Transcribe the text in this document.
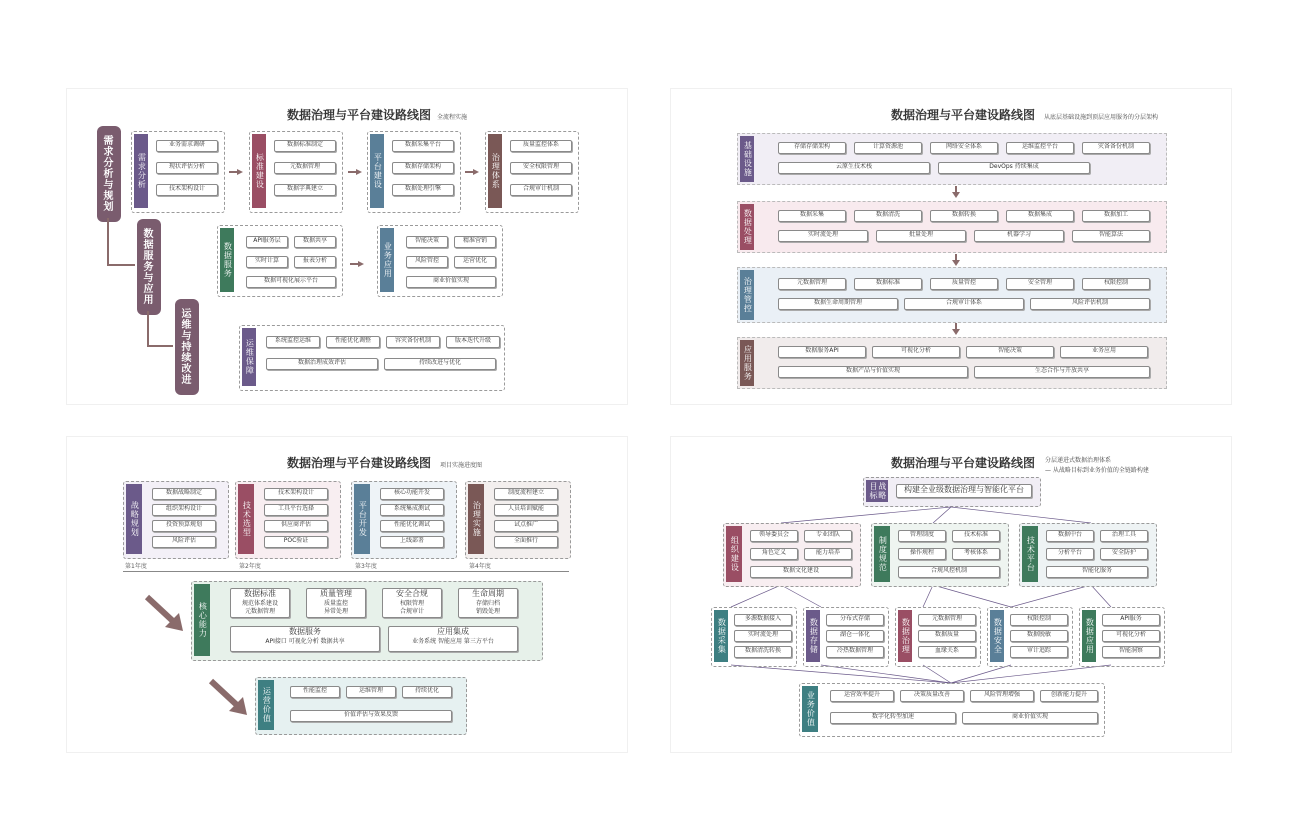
数据治理与平台建设路线图 全流程实施
需求分析与规划
数据服务与应用
运维与持续改进
需求分析
业务需求调研
现状评估分析
技术架构设计	标准建设
数据标准制定
元数据管理
数据字典建立	平台建设
数据采集平台
数据存储架构
数据处理引擎	治理体系
质量监控体系
安全权限管理
合规审计机制
数据服务
API服务层	数据共享
实时计算	报表分析
数据可视化展示平台
业务应用
智能决策	精准营销
风险管控	运营优化
商业价值实现
运维保障	系统监控运维	性能优化调整	容灾备份机制	版本迭代升级
数据治理成效评估	持续改进与优化
数据治理与平台建设路线图 从底层基础设施到顶层应用服务的分层架构
基础设施	存储存储架构	计算资源池	网络安全体系	运维监控平台	灾备备份机制
云原生技术栈	DevOps 持续集成
数据处理	数据采集	数据清洗	数据转换	数据集成	数据加工
实时流处理	批量处理	机器学习	智能算法
治理管控	元数据管理	数据标准	质量管控	安全管理	权限控制
数据生命周期管理	合规审计体系	风险评估机制
应用服务	数据服务API	可视化分析	智能决策	业务应用
数据产品与价值实现	生态合作与开放共享
数据治理与平台建设路线图 项目实施进度图
战略规划
数据战略制定
组织架构设计
投资预算规划
风险评估
第1年度
技术选型
技术架构设计
工具平台选择
供应商评估
POC验证
第2年度
平台开发
核心功能开发
系统集成测试
性能优化调试
上线部署
第3年度
治理实施
制度流程建立
人员培训赋能
试点推广
全面推行
第4年度
核心能力
数据标准
规范体系建设
元数据管理
质量管理
质量监控
异常处理
安全合规
权限管理
合规审计
生命周期
存储归档
销毁处理
数据服务
API接口 可视化分析 数据共享
应用集成
业务系统 智能应用 第三方平台
运营价值	性能监控	运维管理	持续优化
价值评估与效果反馈
数据治理与平台建设路线图 分层递进式数据治理体系
— 从战略目标到业务价值的全链路构建
战略目标	构建全业级数据治理与智能化平台
组织建设
领导委员会	专业团队
角色定义	能力培养
数据文化建设	制度规范
管理制度	技术标准
操作规程	考核体系
合规风控机制	技术平台
数据中台	治理工具
分析平台	安全防护
智能化服务
数据采集	多源数据接入
实时流处理
数据清洗转换	数据存储	分布式存储
湖仓一体化
冷热数据管理	数据治理	元数据管理
数据质量
血缘关系	数据安全	权限控制
数据脱敏
审计追踪	数据应用	API服务
可视化分析
智能洞察
业务价值	运营效率提升	决策质量改善	风险管理增强	创新能力提升
数字化转型加速	商业价值实现
